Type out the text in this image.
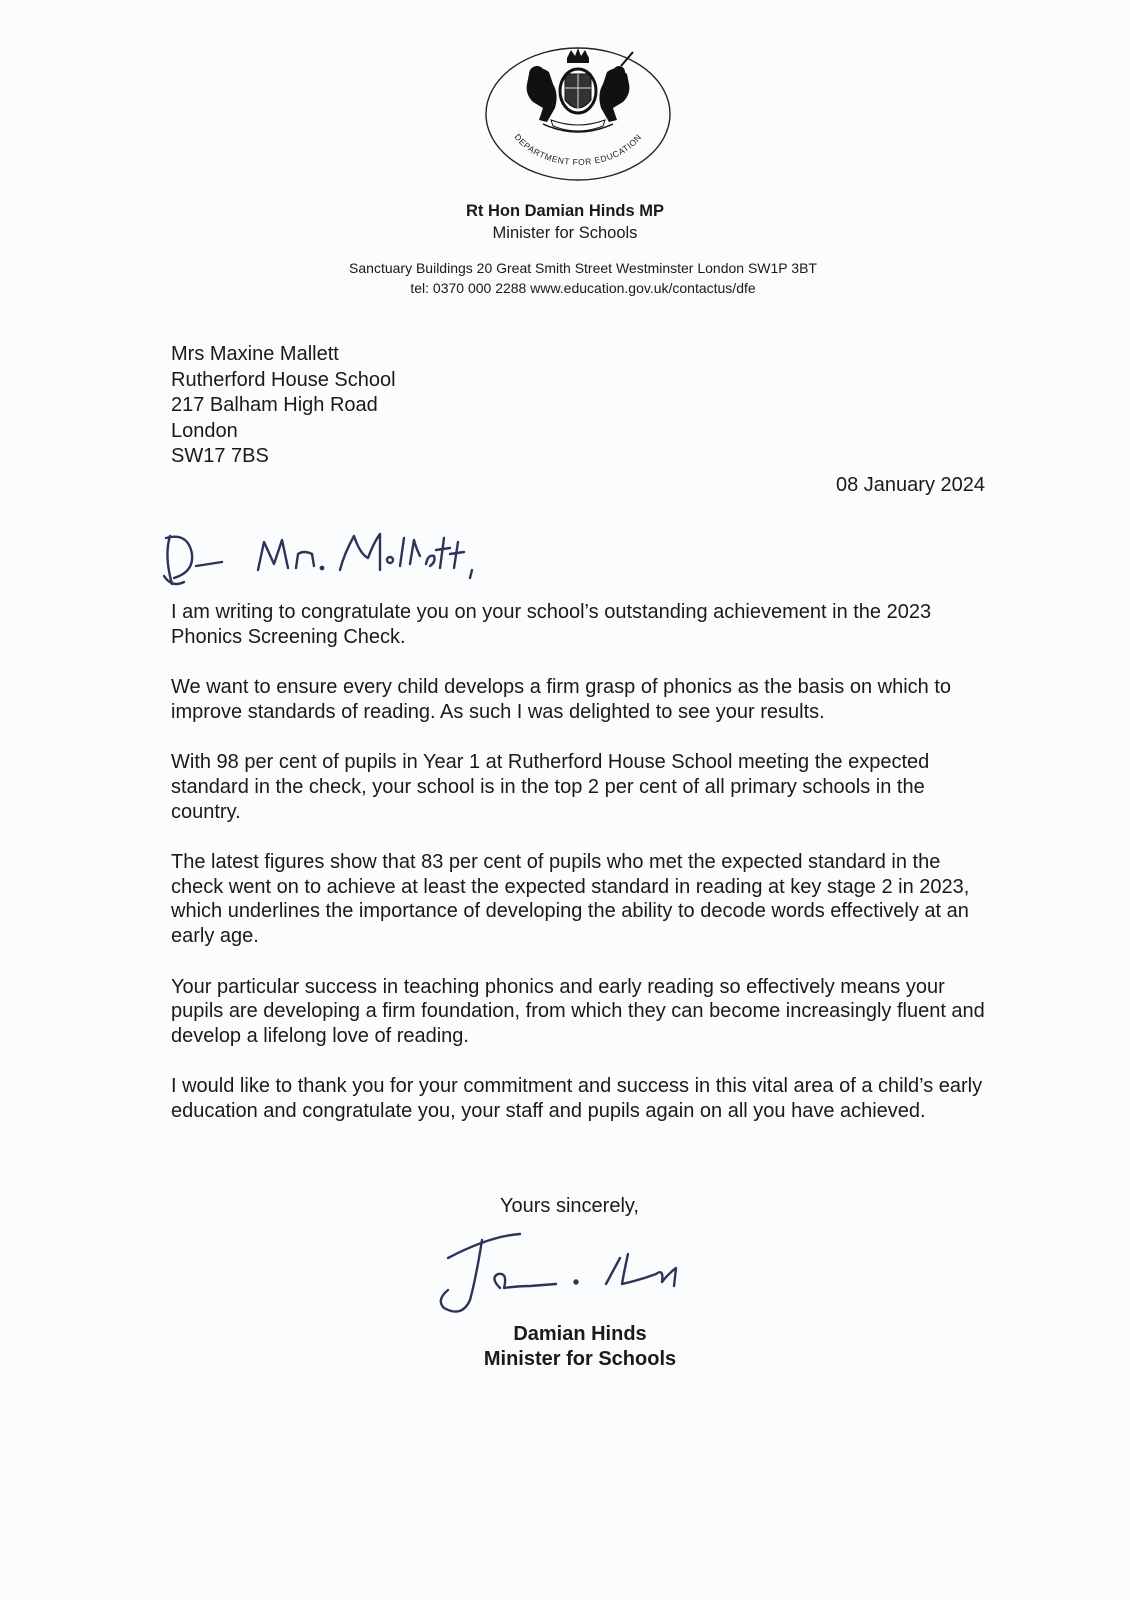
DEPARTMENT FOR EDUCATION
Rt Hon Damian Hinds MP
Minister for Schools
Sanctuary Buildings 20 Great Smith Street Westminster London SW1P 3BT
tel: 0370 000 2288 www.education.gov.uk/contactus/dfe
Mrs Maxine Mallett
Rutherford House School
217 Balham High Road
London
SW17 7BS
08 January 2024

I am writing to congratulate you on your school’s outstanding achievement in the 2023 Phonics Screening Check.

We want to ensure every child develops a firm grasp of phonics as the basis on which to improve standards of reading. As such I was delighted to see your results.

With 98 per cent of pupils in Year 1 at Rutherford House School meeting the expected standard in the check, your school is in the top 2 per cent of all primary schools in the country.

The latest figures show that 83 per cent of pupils who met the expected standard in the check went on to achieve at least the expected standard in reading at key stage 2 in 2023, which underlines the importance of developing the ability to decode words effectively at an early age.

Your particular success in teaching phonics and early reading so effectively means your pupils are developing a firm foundation, from which they can become increasingly fluent and develop a lifelong love of reading.

I would like to thank you for your commitment and success in this vital area of a child’s early education and congratulate you, your staff and pupils again on all you have achieved.

Yours sincerely,
Damian Hinds
Minister for Schools
